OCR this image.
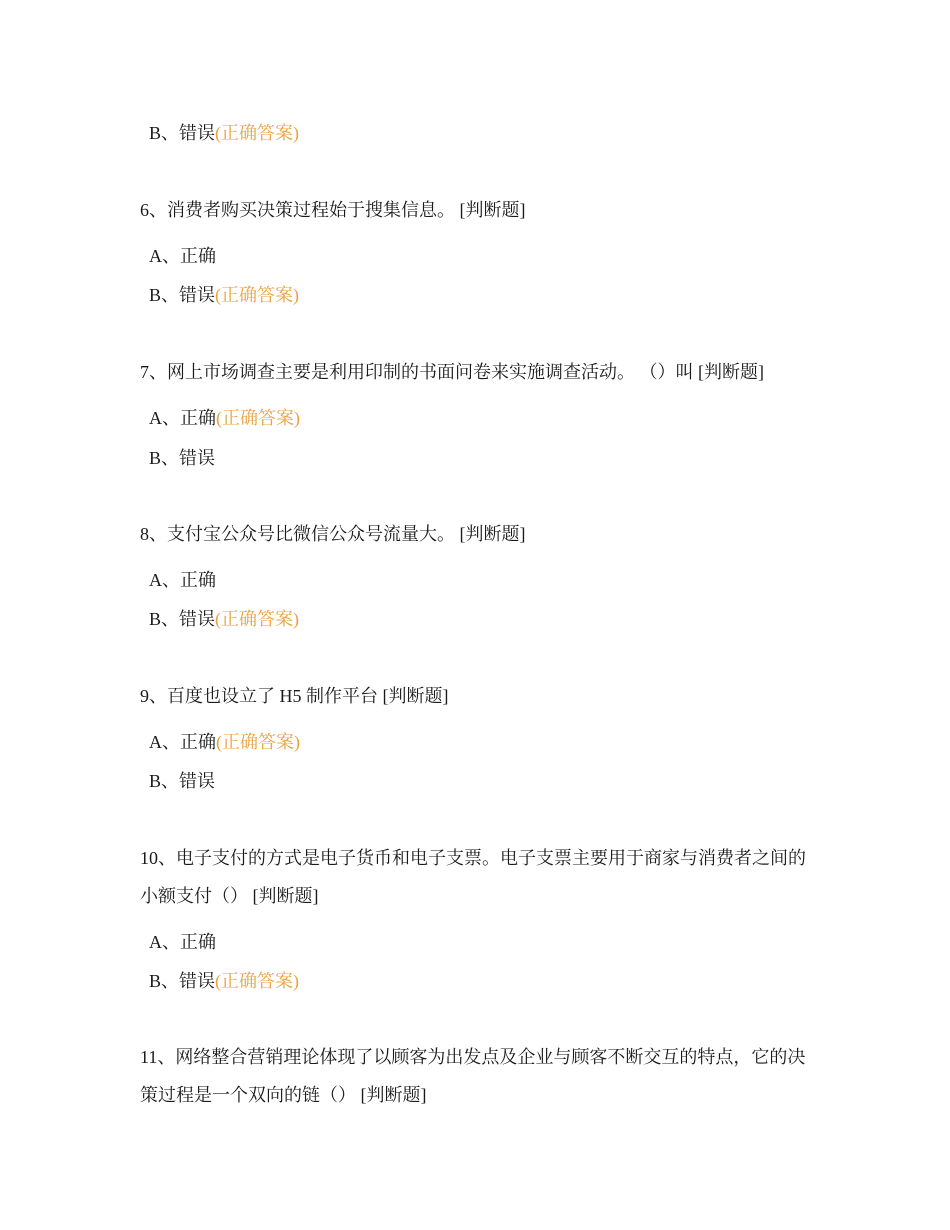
B、错误(正确答案)

6、消费者购买决策过程始于搜集信息。 [判断题]

A、正确

B、错误(正确答案)

7、网上市场调查主要是利用印制的书面问卷来实施调查活动。 （）叫 [判断题]

A、正确(正确答案)

B、错误

8、支付宝公众号比微信公众号流量大。 [判断题]

A、正确

B、错误(正确答案)

9、百度也设立了 H5 制作平台 [判断题]

A、正确(正确答案)

B、错误

10、电子支付的方式是电子货币和电子支票。电子支票主要用于商家与消费者之间的小额支付（） [判断题]

A、正确

B、错误(正确答案)

11、网络整合营销理论体现了以顾客为出发点及企业与顾客不断交互的特点，它的决策过程是一个双向的链（） [判断题]
